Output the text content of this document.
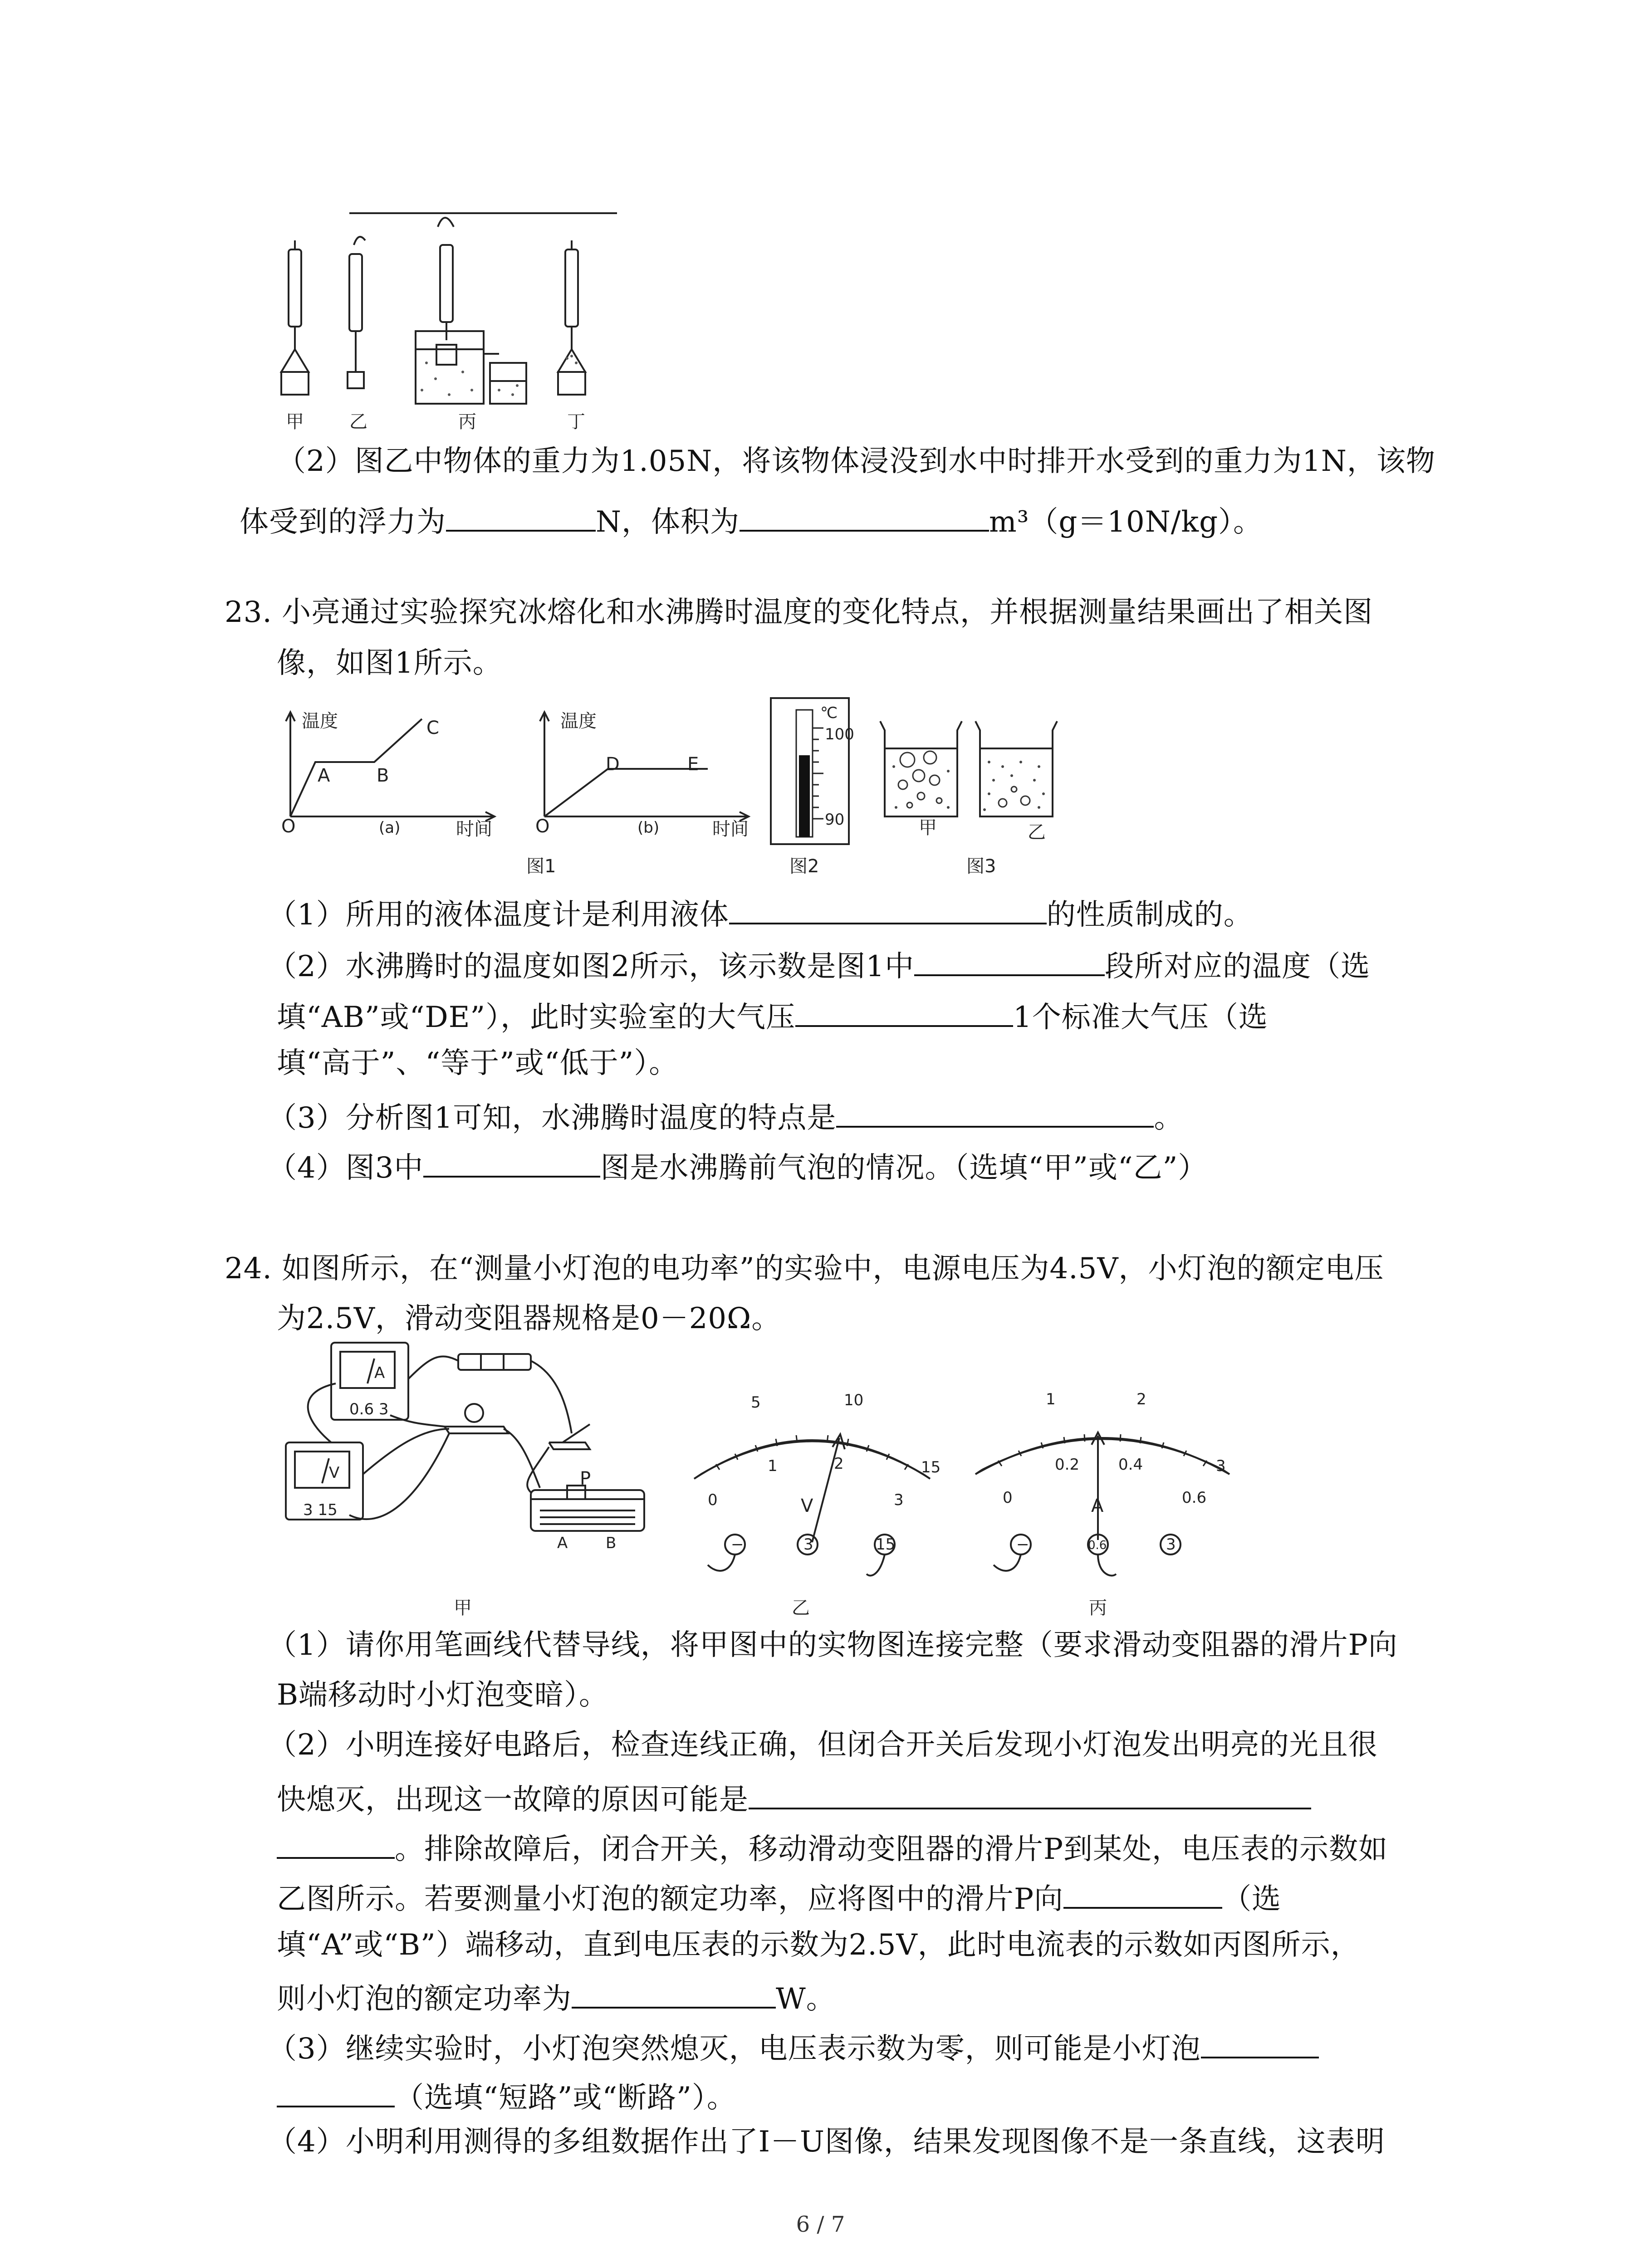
甲	乙	丙	丁
（2）图乙中物体的重力为1.05N，将该物体浸没到水中时排开水受到的重力为1N，该物
体受到的浮力为	N，体积为	m³（g＝10N/kg）。
23. 小亮通过实验探究冰熔化和水沸腾时温度的变化特点，并根据测量结果画出了相关图
像，如图1所示。
温度
A	B
C
O	(a)	时间
温度
D	E
O	(b)	时间
图1
℃
100
90
图2
甲	乙
图3
（1）所用的液体温度计是利用液体	的性质制成的。
（2）水沸腾时的温度如图2所示，该示数是图1中	段所对应的温度（选
填“AB”或“DE”），此时实验室的大气压	1个标准大气压（选
填“高于”、“等于”或“低于”）。
（3）分析图1可知，水沸腾时温度的特点是	。
（4）图3中	图是水沸腾前气泡的情况。（选填“甲”或“乙”）
24. 如图所示，在“测量小灯泡的电功率”的实验中，电源电压为4.5V，小灯泡的额定电压
为2.5V，滑动变阻器规格是0－20Ω。
A
0.6 3
V
3 15
P
A B
甲
5	10
0
1	2
3
15
V
−	3	15
乙
1	2
0
0.2	0.4
0.6
3
A
−	0.6	3
丙
（1）请你用笔画线代替导线，将甲图中的实物图连接完整（要求滑动变阻器的滑片P向
B端移动时小灯泡变暗）。
（2）小明连接好电路后，检查连线正确，但闭合开关后发现小灯泡发出明亮的光且很
快熄灭，出现这一故障的原因可能是
。排除故障后，闭合开关，移动滑动变阻器的滑片P到某处，电压表的示数如
乙图所示。若要测量小灯泡的额定功率，应将图中的滑片P向	（选
填“A”或“B”）端移动，直到电压表的示数为2.5V，此时电流表的示数如丙图所示，
则小灯泡的额定功率为	W。
（3）继续实验时，小灯泡突然熄灭，电压表示数为零，则可能是小灯泡
（选填“短路”或“断路”）。
（4）小明利用测得的多组数据作出了I－U图像，结果发现图像不是一条直线，这表明
6 / 7
